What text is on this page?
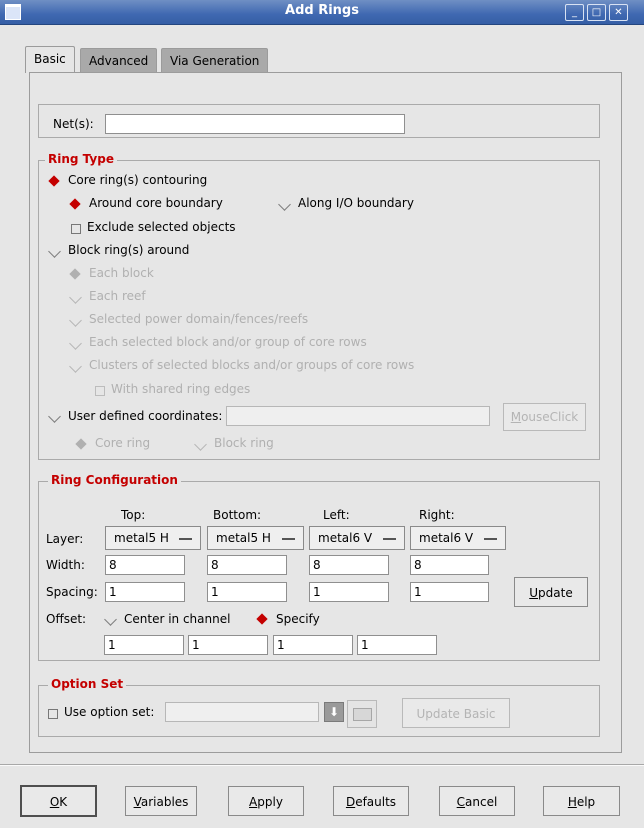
Add Rings	_	□	✕
Basic	Advanced	Via Generation
Net(s):
Ring Type
Core ring(s) contouring
Around core boundary	Along I/O boundary
Exclude selected objects
Block ring(s) around
Each block
Each reef
Selected power domain/fences/reefs
Each selected block and/or group of core rows
Clusters of selected blocks and/or groups of core rows
With shared ring edges
User defined coordinates:	MouseClick
Core ring	Block ring
Ring Configuration
Top:	Bottom:	Left:	Right:
Layer:	metal5 H	metal5 H	metal6 V	metal6 V
Width:	8	8	8	8
Spacing: 1	1	1	1	Update
Offset:	Center in channel	Specify
1	1	1	1
Option Set
Use option set:	⬇	Update Basic
OK	Variables	Apply	Defaults	Cancel	Help
